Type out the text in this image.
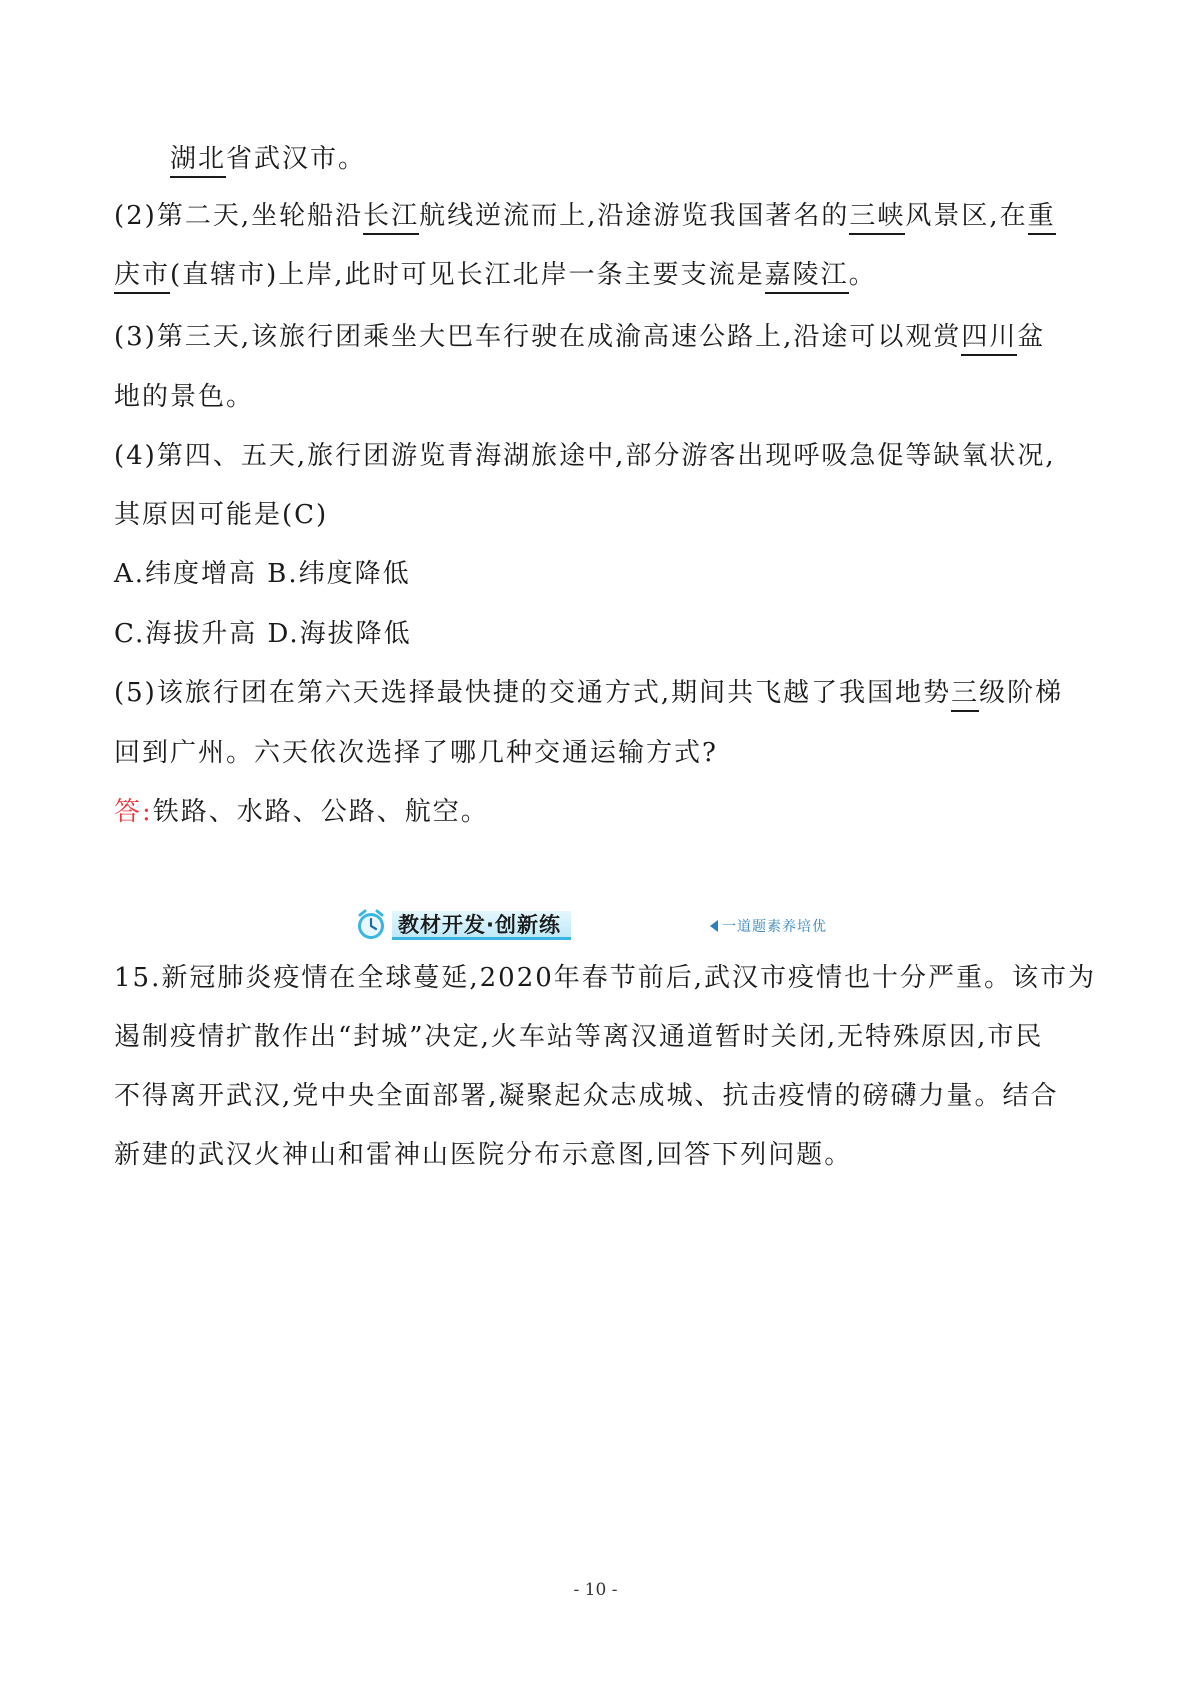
湖北省武汉市。
(2)第二天,坐轮船沿长江航线逆流而上,沿途游览我国著名的三峡风景区,在重
庆市(直辖市)上岸,此时可见长江北岸一条主要支流是嘉陵江。
(3)第三天,该旅行团乘坐大巴车行驶在成渝高速公路上,沿途可以观赏四川盆
地的景色。
(4)第四、五天,旅行团游览青海湖旅途中,部分游客出现呼吸急促等缺氧状况,
其原因可能是(C)
A.纬度增高 B.纬度降低
C.海拔升高 D.海拔降低
(5)该旅行团在第六天选择最快捷的交通方式,期间共飞越了我国地势三级阶梯
回到广州。六天依次选择了哪几种交通运输方式?
答:铁路、水路、公路、航空。
教材开发·创新练	一道题素养培优
15.新冠肺炎疫情在全球蔓延,2020年春节前后,武汉市疫情也十分严重。该市为
遏制疫情扩散作出“封城”决定,火车站等离汉通道暂时关闭,无特殊原因,市民
不得离开武汉,党中央全面部署,凝聚起众志成城、抗击疫情的磅礴力量。结合
新建的武汉火神山和雷神山医院分布示意图,回答下列问题。
- 10 -
